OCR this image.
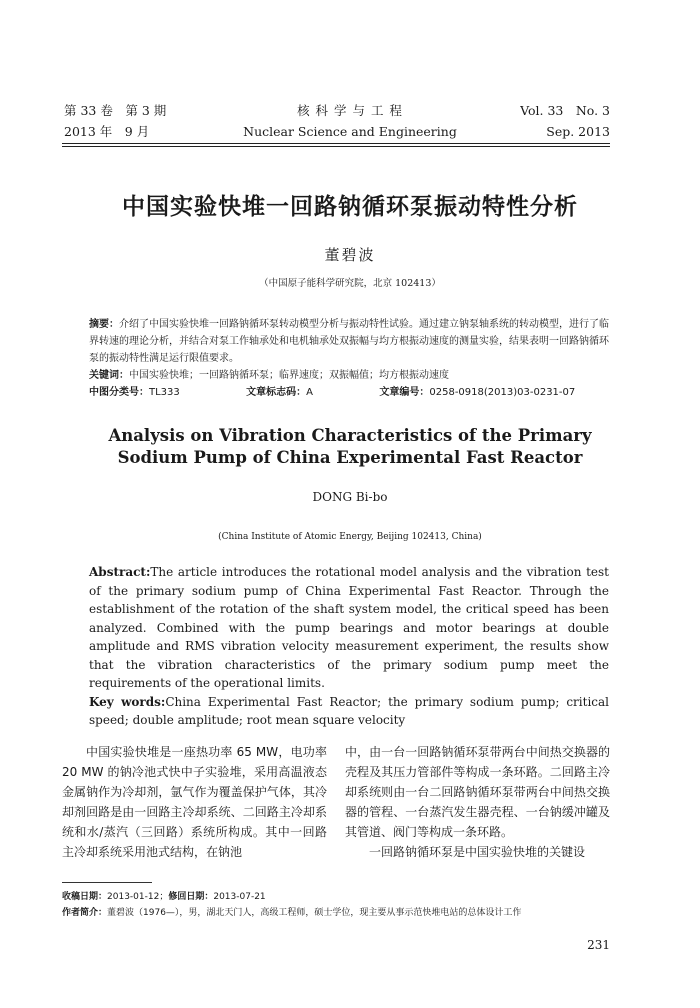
第 33 卷　第 3 期
2013 年　9 月
核 科 学 与 工 程
Nuclear Science and Engineering
Vol. 33　No. 3
Sep. 2013
中国实验快堆一回路钠循环泵振动特性分析
董碧波
（中国原子能科学研究院，北京 102413）
摘要：介绍了中国实验快堆一回路钠循环泵转动模型分析与振动特性试验。通过建立钠泵轴系统的转动模型，进行了临界转速的理论分析，并结合对泵工作轴承处和电机轴承处双振幅与均方根振动速度的测量实验，结果表明一回路钠循环泵的振动特性满足运行限值要求。
关键词：中国实验快堆；一回路钠循环泵；临界速度；双振幅值；均方根振动速度
中图分类号：TL333	文章标志码：A	文章编号：0258-0918(2013)03-0231-07
Analysis on Vibration Characteristics of the Primary
Sodium Pump of China Experimental Fast Reactor
DONG Bi-bo
(China Institute of Atomic Energy, Beijing 102413, China)
Abstract:The article introduces the rotational model analysis and the vibration test of the primary sodium pump of China Experimental Fast Reactor. Through the establishment of the rotation of the shaft system model, the critical speed has been analyzed. Combined with the pump bearings and motor bearings at double amplitude and RMS vibration velocity measurement experiment, the results show that the vibration characteristics of the primary sodium pump meet the requirements of the operational limits.
Key words:China Experimental Fast Reactor; the primary sodium pump; critical speed; double amplitude; root mean square velocity
中国实验快堆是一座热功率 65 MW，电功率 20 MW 的钠冷池式快中子实验堆，采用高温液态金属钠作为冷却剂，氩气作为覆盖保护气体，其冷却剂回路是由一回路主冷却系统、二回路主冷却系统和水/蒸汽（三回路）系统所构成。其中一回路主冷却系统采用池式结构，在钠池
中，由一台一回路钠循环泵带两台中间热交换器的壳程及其压力管部件等构成一条环路。二回路主冷却系统则由一台二回路钠循环泵带两台中间热交换器的管程、一台蒸汽发生器壳程、一台钠缓冲罐及其管道、阀门等构成一条环路。
一回路钠循环泵是中国实验快堆的关键设
收稿日期：2013-01-12；修回日期：2013-07-21
作者简介：董碧波（1976—），男，湖北天门人，高级工程师，硕士学位，现主要从事示范快堆电站的总体设计工作
231
